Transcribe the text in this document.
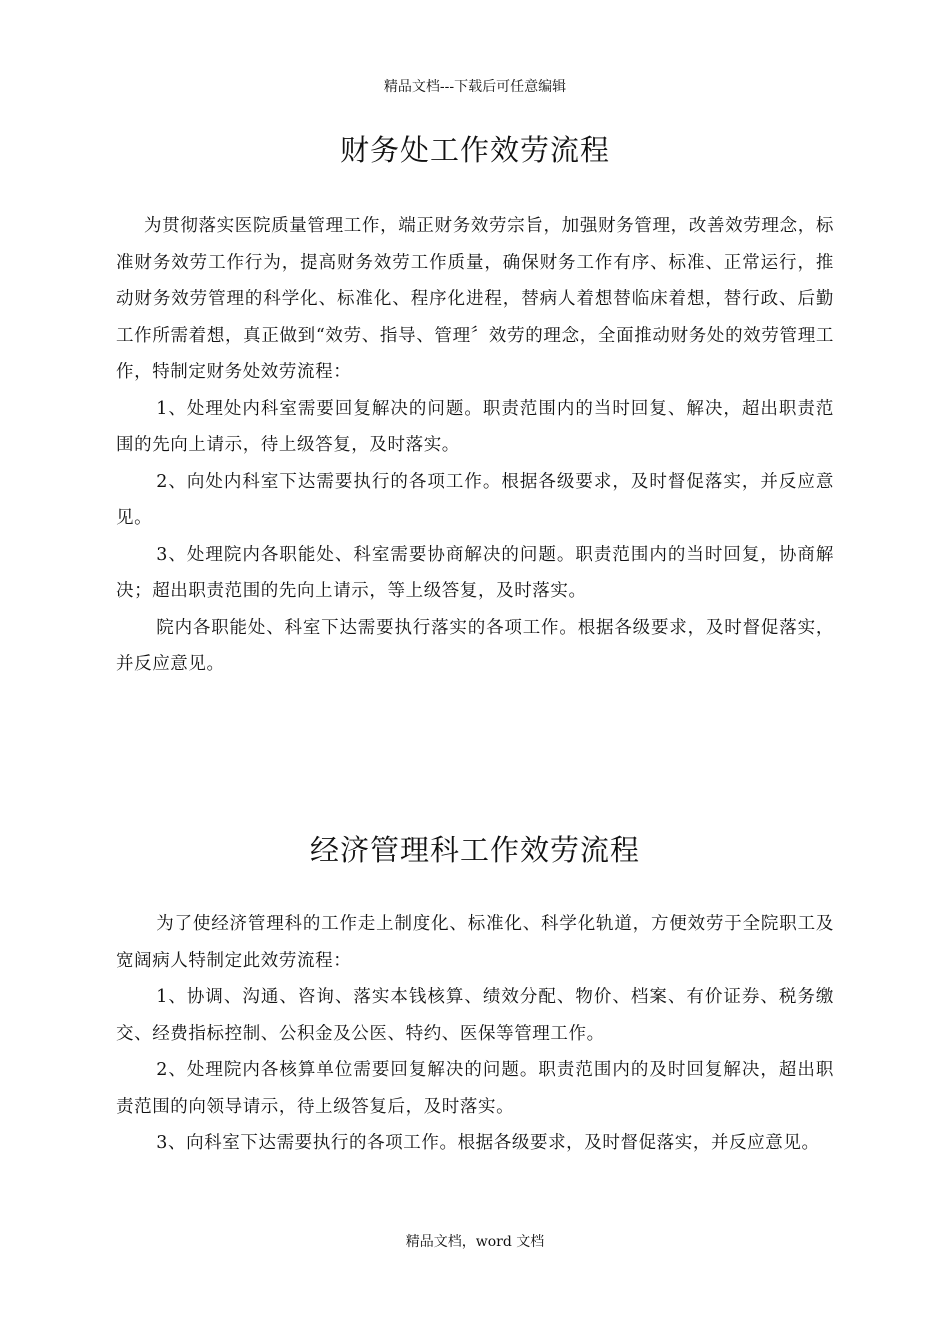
精品文档---下载后可任意编辑
财务处工作效劳流程

为贯彻落实医院质量管理工作，端正财务效劳宗旨，加强财务管理，改善效劳理念，标准财务效劳工作行为，提高财务效劳工作质量，确保财务工作有序、标准、正常运行，推动财务效劳管理的科学化、标准化、程序化进程，替病人着想替临床着想，替行政、后勤工作所需着想，真正做到“效劳、指导、管理〞效劳的理念，全面推动财务处的效劳管理工作，特制定财务处效劳流程：

1、处理处内科室需要回复解决的问题。职责范围内的当时回复、解决，超出职责范围的先向上请示，待上级答复，及时落实。

2、向处内科室下达需要执行的各项工作。根据各级要求，及时督促落实，并反应意见。

3、处理院内各职能处、科室需要协商解决的问题。职责范围内的当时回复，协商解决；超出职责范围的先向上请示，等上级答复，及时落实。

院内各职能处、科室下达需要执行落实的各项工作。根据各级要求，及时督促落实，并反应意见。

经济管理科工作效劳流程

为了使经济管理科的工作走上制度化、标准化、科学化轨道，方便效劳于全院职工及宽阔病人特制定此效劳流程：

1、协调、沟通、咨询、落实本钱核算、绩效分配、物价、档案、有价证券、税务缴交、经费指标控制、公积金及公医、特约、医保等管理工作。

2、处理院内各核算单位需要回复解决的问题。职责范围内的及时回复解决，超出职责范围的向领导请示，待上级答复后，及时落实。

3、向科室下达需要执行的各项工作。根据各级要求，及时督促落实，并反应意见。

精品文档，word 文档
